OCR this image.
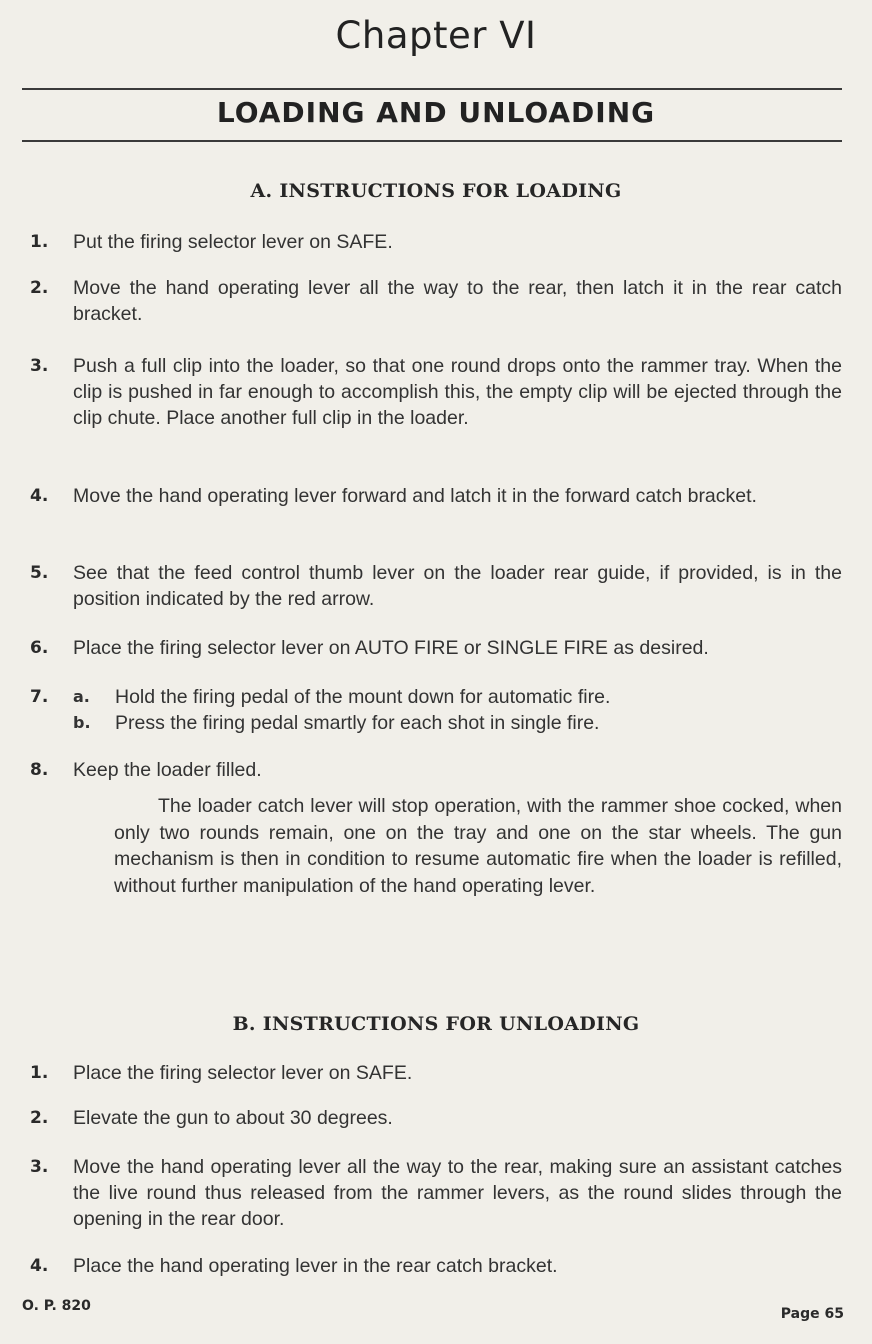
Chapter VI
LOADING AND UNLOADING
A. INSTRUCTIONS FOR LOADING
1.	Put the firing selector lever on SAFE.
2.	Move the hand operating lever all the way to the rear, then latch it in the rear catch bracket.
3.	Push a full clip into the loader, so that one round drops onto the rammer tray. When the clip is pushed in far enough to accomplish this, the empty clip will be ejected through the clip chute. Place another full clip in the loader.
4.	Move the hand operating lever forward and latch it in the forward catch bracket.
5.	See that the feed control thumb lever on the loader rear guide, if provided, is in the position indicated by the red arrow.
6.	Place the firing selector lever on AUTO FIRE or SINGLE FIRE as desired.
7.	a. Hold the firing pedal of the mount down for automatic fire.
b. Press the firing pedal smartly for each shot in single fire.
8.	Keep the loader filled.
The loader catch lever will stop operation, with the rammer shoe cocked, when only two rounds remain, one on the tray and one on the star wheels. The gun mechanism is then in condition to resume automatic fire when the loader is refilled, without further manipulation of the hand operating lever.
B. INSTRUCTIONS FOR UNLOADING
1.	Place the firing selector lever on SAFE.
2.	Elevate the gun to about 30 degrees.
3.	Move the hand operating lever all the way to the rear, making sure an assistant catches the live round thus released from the rammer levers, as the round slides through the opening in the rear door.
4.	Place the hand operating lever in the rear catch bracket.
O. P. 820	Page 65
